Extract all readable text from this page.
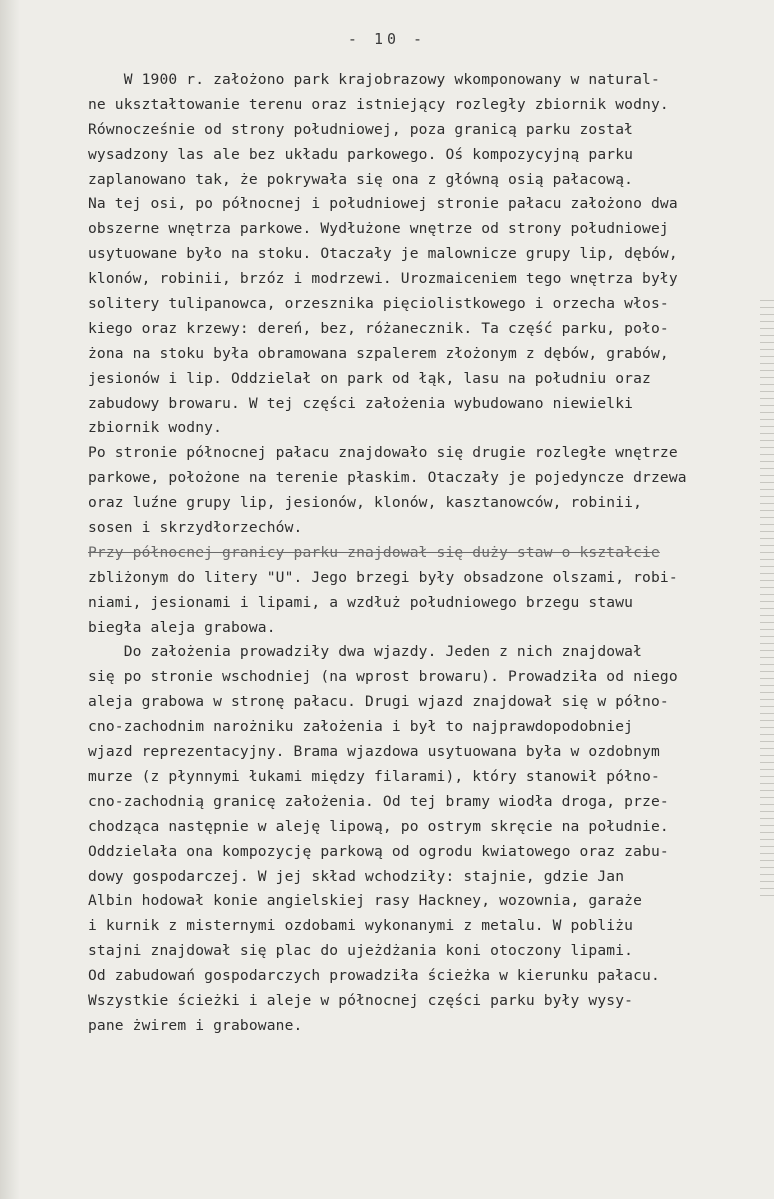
- 10 -
W 1900 r. założono park krajobrazowy wkomponowany w natural-
ne ukształtowanie terenu oraz istniejący rozległy zbiornik wodny.
Równocześnie od strony południowej, poza granicą parku został
wysadzony las ale bez układu parkowego. Oś kompozycyjną parku
zaplanowano tak, że pokrywała się ona z główną osią pałacową.
Na tej osi, po północnej i południowej stronie pałacu założono dwa
obszerne wnętrza parkowe. Wydłużone wnętrze od strony południowej
usytuowane było na stoku. Otaczały je malownicze grupy lip, dębów,
klonów, robinii, brzóz i modrzewi. Urozmaiceniem tego wnętrza były
solitery tulipanowca, orzesznika pięciolistkowego i orzecha włos-
kiego oraz krzewy: dereń, bez, różanecznik. Ta część parku, poło-
żona na stoku była obramowana szpalerem złożonym z dębów, grabów,
jesionów i lip. Oddzielał on park od łąk, lasu na południu oraz
zabudowy browaru. W tej części założenia wybudowano niewielki
zbiornik wodny.
Po stronie północnej pałacu znajdowało się drugie rozległe wnętrze
parkowe, położone na terenie płaskim. Otaczały je pojedyncze drzewa
oraz luźne grupy lip, jesionów, klonów, kasztanowców, robinii,
sosen i skrzydłorzechów.
Przy północnej granicy parku znajdował się duży staw o kształcie
zbliżonym do litery "U". Jego brzegi były obsadzone olszami, robi-
niami, jesionami i lipami, a wzdłuż południowego brzegu stawu
biegła aleja grabowa.
Do założenia prowadziły dwa wjazdy. Jeden z nich znajdował
się po stronie wschodniej (na wprost browaru). Prowadziła od niego
aleja grabowa w stronę pałacu. Drugi wjazd znajdował się w półno-
cno-zachodnim narożniku założenia i był to najprawdopodobniej
wjazd reprezentacyjny. Brama wjazdowa usytuowana była w ozdobnym
murze (z płynnymi łukami między filarami), który stanowił półno-
cno-zachodnią granicę założenia. Od tej bramy wiodła droga, prze-
chodząca następnie w aleję lipową, po ostrym skręcie na południe.
Oddzielała ona kompozycję parkową od ogrodu kwiatowego oraz zabu-
dowy gospodarczej. W jej skład wchodziły: stajnie, gdzie Jan
Albin hodował konie angielskiej rasy Hackney, wozownia, garaże
i kurnik z misternymi ozdobami wykonanymi z metalu. W pobliżu
stajni znajdował się plac do ujeżdżania koni otoczony lipami.
Od zabudowań gospodarczych prowadziła ścieżka w kierunku pałacu.
Wszystkie ścieżki i aleje w północnej części parku były wysy-
pane żwirem i grabowane.
